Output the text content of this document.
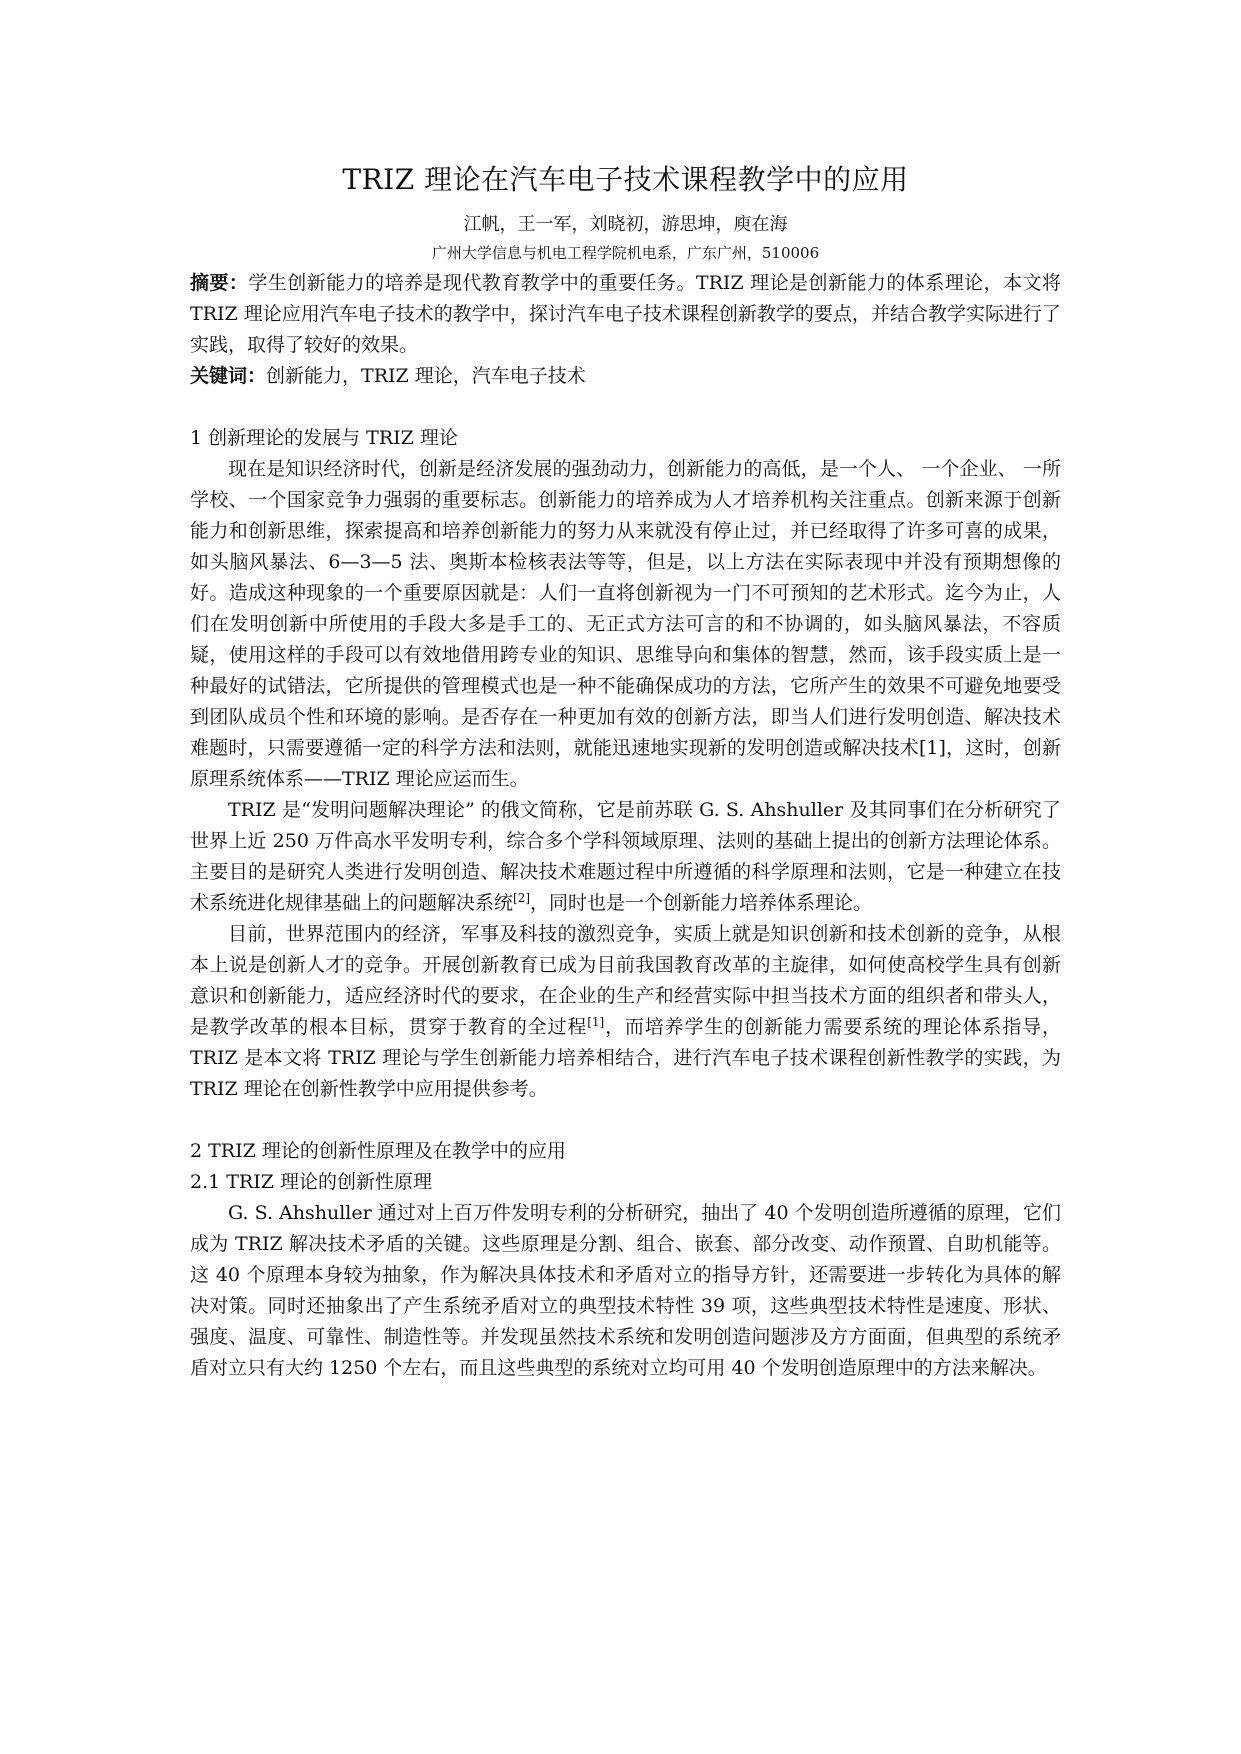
TRIZ 理论在汽车电子技术课程教学中的应用
江帆，王一军，刘晓初，游思坤，庾在海
广州大学信息与机电工程学院机电系，广东广州，510006
摘要：学生创新能力的培养是现代教育教学中的重要任务。TRIZ 理论是创新能力的体系理论，本文将 TRIZ 理论应用汽车电子技术的教学中，探讨汽车电子技术课程创新教学的要点，并结合教学实际进行了实践，取得了较好的效果。
关键词：创新能力，TRIZ 理论，汽车电子技术
1 创新理论的发展与 TRIZ 理论

现在是知识经济时代，创新是经济发展的强劲动力，创新能力的高低，是一个人、 一个企业、 一所学校、一个国家竞争力强弱的重要标志。创新能力的培养成为人才培养机构关注重点。创新来源于创新能力和创新思维，探索提高和培养创新能力的努力从来就没有停止过，并已经取得了许多可喜的成果，如头脑风暴法、6—3—5 法、奥斯本检核表法等等，但是，以上方法在实际表现中并没有预期想像的好。造成这种现象的一个重要原因就是：人们一直将创新视为一门不可预知的艺术形式。迄今为止，人们在发明创新中所使用的手段大多是手工的、无正式方法可言的和不协调的，如头脑风暴法，不容质疑，使用这样的手段可以有效地借用跨专业的知识、思维导向和集体的智慧，然而，该手段实质上是一种最好的试错法，它所提供的管理模式也是一种不能确保成功的方法，它所产生的效果不可避免地要受到团队成员个性和环境的影响。是否存在一种更加有效的创新方法，即当人们进行发明创造、解决技术难题时，只需要遵循一定的科学方法和法则，就能迅速地实现新的发明创造或解决技术[1]，这时，创新原理系统体系——TRIZ 理论应运而生。

TRIZ 是“发明问题解决理论” 的俄文简称，它是前苏联 G. S. Ahshuller 及其同事们在分析研究了世界上近 250 万件高水平发明专利，综合多个学科领域原理、法则的基础上提出的创新方法理论体系。主要目的是研究人类进行发明创造、解决技术难题过程中所遵循的科学原理和法则，它是一种建立在技术系统进化规律基础上的问题解决系统[2]，同时也是一个创新能力培养体系理论。

目前，世界范围内的经济，军事及科技的激烈竞争，实质上就是知识创新和技术创新的竞争，从根本上说是创新人才的竞争。开展创新教育已成为目前我国教育改革的主旋律，如何使高校学生具有创新意识和创新能力，适应经济时代的要求，在企业的生产和经营实际中担当技术方面的组织者和带头人，是教学改革的根本目标，贯穿于教育的全过程[1]，而培养学生的创新能力需要系统的理论体系指导，TRIZ 是本文将 TRIZ 理论与学生创新能力培养相结合，进行汽车电子技术课程创新性教学的实践，为 TRIZ 理论在创新性教学中应用提供参考。

2 TRIZ 理论的创新性原理及在教学中的应用
2.1 TRIZ 理论的创新性原理

G. S. Ahshuller 通过对上百万件发明专利的分析研究，抽出了 40 个发明创造所遵循的原理，它们成为 TRIZ 解决技术矛盾的关键。这些原理是分割、组合、嵌套、部分改变、动作预置、自助机能等。这 40 个原理本身较为抽象，作为解决具体技术和矛盾对立的指导方针，还需要进一步转化为具体的解决对策。同时还抽象出了产生系统矛盾对立的典型技术特性 39 项，这些典型技术特性是速度、形状、强度、温度、可靠性、制造性等。并发现虽然技术系统和发明创造问题涉及方方面面，但典型的系统矛盾对立只有大约 1250 个左右，而且这些典型的系统对立均可用 40 个发明创造原理中的方法来解决。
